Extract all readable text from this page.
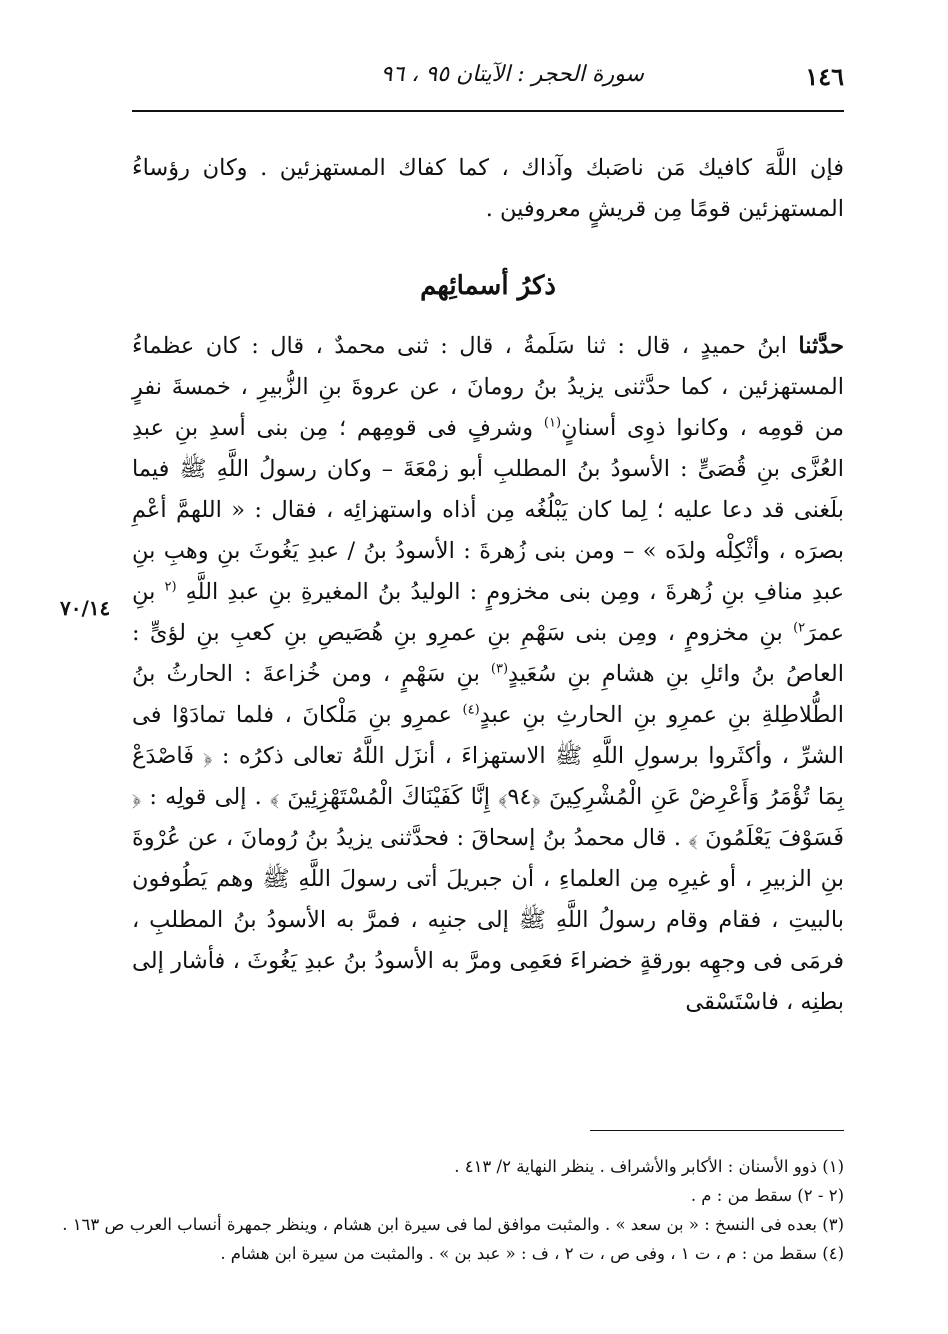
١٤٦
سورة الحجر : الآيتان ٩٥ ، ٩٦
٧٠/١٤

فإن اللَّهَ كافيك مَن ناصَبك وآذاك ، كما كفاك المستهزئين . وكان رؤساءُ المستهزئين قومًا مِن قريشٍ معروفين .

ذكرُ أسمائِهم

حدَّثنا ابنُ حميدٍ ، قال : ثنا سَلَمةُ ، قال : ثنى محمدٌ ، قال : كان عظماءُ المستهزئين ، كما حدَّثنى يزيدُ بنُ رومانَ ، عن عروةَ بنِ الزُّبيرِ ، خمسةَ نفرٍ من قومِه ، وكانوا ذوِى أسنانٍ$^{(١)}$ وشرفٍ فى قومِهم ؛ مِن بنى أسدِ بنِ عبدِ العُزَّى بنِ قُصَىٍّ : الأسودُ بنُ المطلبِ أبو زمْعَةَ – وكان رسولُ اللَّهِ ﷺ فيما بلَغنى قد دعا عليه ؛ لِما كان يَبْلُغُه مِن أذاه واستهزائِه ، فقال : « اللهمَّ أعْمِ بصرَه ، وأثْكِلْه ولدَه » – ومن بنى زُهرةَ : الأسودُ بنُ / عبدِ يَغُوثَ بنِ وهبِ بنِ عبدِ منافِ بنِ زُهرةَ ، ومِن بنى مخزومٍ : الوليدُ بنُ المغيرةِ بنِ عبدِ اللَّهِ $^{(٢}$ بنِ عمرَ$^{٢)}$ بنِ مخزومٍ ، ومِن بنى سَهْمِ بنِ عمرِو بنِ هُصَيصِ بنِ كعبِ بنِ لؤىٍّ : العاصُ بنُ وائلِ بنِ هشامِ بنِ سُعَيدٍ$^{(٣)}$ بنِ سَهْمٍ ، ومن خُزاعةَ : الحارثُ بنُ الطُّلاطِلةِ بنِ عمرِو بنِ الحارثِ بنِ عبدٍ$^{(٤)}$ عمرِو بنِ مَلْكانَ ، فلما تمادَوْا فى الشرِّ ، وأكثَروا برسولِ اللَّهِ ﷺ الاستهزاءَ ، أنزَل اللَّهُ تعالى ذكرُه : ﴿ فَاصْدَعْ بِمَا تُؤْمَرُ وَأَعْرِضْ عَنِ الْمُشْرِكِينَ ﴿٩٤﴾ إِنَّا كَفَيْنَاكَ الْمُسْتَهْزِئِينَ ﴾ . إلى قولِه : ﴿ فَسَوْفَ يَعْلَمُونَ ﴾ . قال محمدُ بنُ إسحاقَ : فحدَّثنى يزيدُ بنُ رُومانَ ، عن عُرْوةَ بنِ الزبيرِ ، أو غيرِه مِن العلماءِ ، أن جبريلَ أتى رسولَ اللَّهِ ﷺ وهم يَطُوفون بالبيتِ ، فقام وقام رسولُ اللَّهِ ﷺ إلى جنبِه ، فمرَّ به الأسودُ بنُ المطلبِ ، فرمَى فى وجهِه بورقةٍ خضراءَ فعَمِى ومرَّ به الأسودُ بنُ عبدِ يَغُوثَ ، فأشار إلى بطنِه ، فاسْتَسْقى

(١) ذوو الأسنان : الأكابر والأشراف . ينظر النهاية ٢/ ٤١٣ .

(٢ - ٢) سقط من : م .

(٣) بعده فى النسخ : « بن سعد » . والمثبت موافق لما فى سيرة ابن هشام ، وينظر جمهرة أنساب العرب ص ١٦٣ .

(٤) سقط من : م ، ت ١ ، وفى ص ، ت ٢ ، ف : « عبد بن » . والمثبت من سيرة ابن هشام .
